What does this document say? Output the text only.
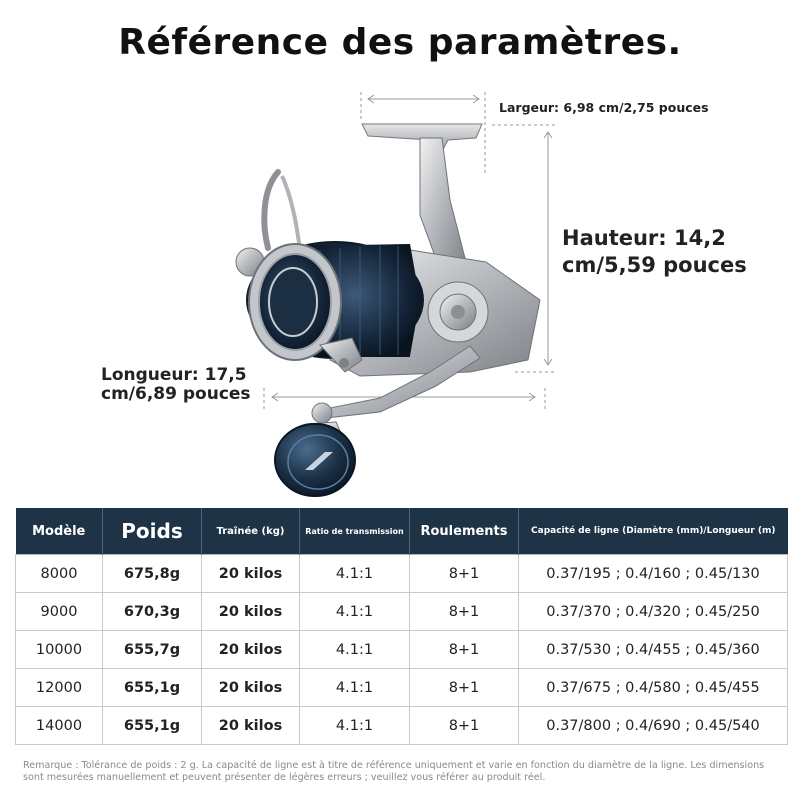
Référence des paramètres.
Largeur: 6,98 cm/2,75 pouces
Hauteur: 14,2
cm/5,59 pouces
Longueur: 17,5
cm/6,89 pouces
Modèle	Poids	Traînée (kg)	Ratio de transmission	Roulements	Capacité de ligne (Diamètre (mm)/Longueur (m)
8000	675,8g	20 kilos	4.1:1	8+1	0.37/195 ; 0.4/160 ; 0.45/130
9000	670,3g	20 kilos	4.1:1	8+1	0.37/370 ; 0.4/320 ; 0.45/250
10000	655,7g	20 kilos	4.1:1	8+1	0.37/530 ; 0.4/455 ; 0.45/360
12000	655,1g	20 kilos	4.1:1	8+1	0.37/675 ; 0.4/580 ; 0.45/455
14000	655,1g	20 kilos	4.1:1	8+1	0.37/800 ; 0.4/690 ; 0.45/540
Remarque : Tolérance de poids : 2 g. La capacité de ligne est à titre de référence uniquement et varie en fonction du diamètre de la ligne. Les dimensions sont mesurées manuellement et peuvent présenter de légères erreurs ; veuillez vous référer au produit réel.
